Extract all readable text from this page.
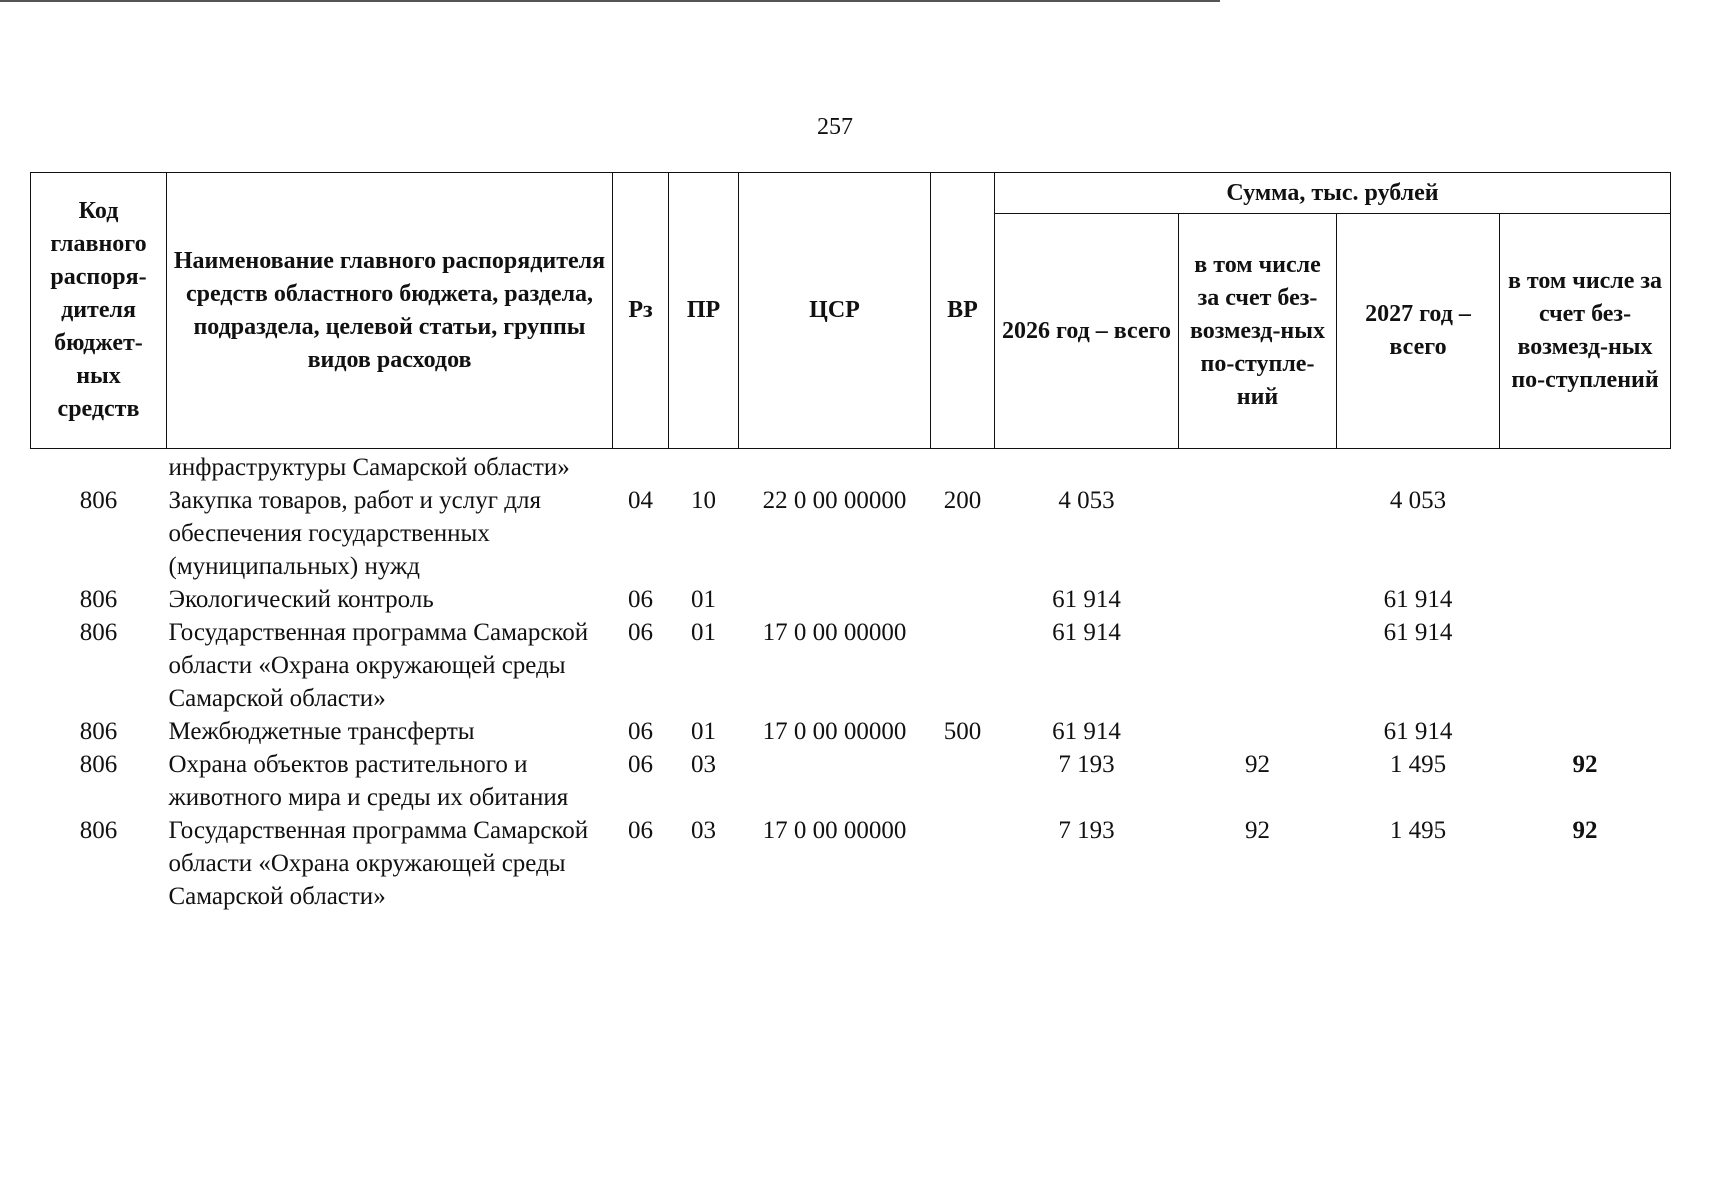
257
Код главного распоря-дителя бюджет-ных средств	Наименование главного распорядителя средств областного бюджета, раздела, подраздела, целевой статьи, группы видов расходов	Рз	ПР	ЦСР	ВР	Сумма, тыс. рублей			
						2026 год – всего	в том числе за счет без-возмезд-ных по-ступле-ний	2027 год – всего	в том числе за счет без-возмезд-ных по-ступлений
	инфраструктуры Самарской области»								
806	Закупка товаров, работ и услуг для обеспечения государственных (муниципальных) нужд	04	10	22 0 00 00000	200	4 053		4 053	
806	Экологический контроль	06	01			61 914		61 914	
806	Государственная программа Самарской области «Охрана окружающей среды Самарской области»	06	01	17 0 00 00000		61 914		61 914	
806	Межбюджетные трансферты	06	01	17 0 00 00000	500	61 914		61 914	
806	Охрана объектов растительного и животного мира и среды их обитания	06	03			7 193	92	1 495	92
806	Государственная программа Самарской области «Охрана окружающей среды Самарской области»	06	03	17 0 00 00000		7 193	92	1 495	92
